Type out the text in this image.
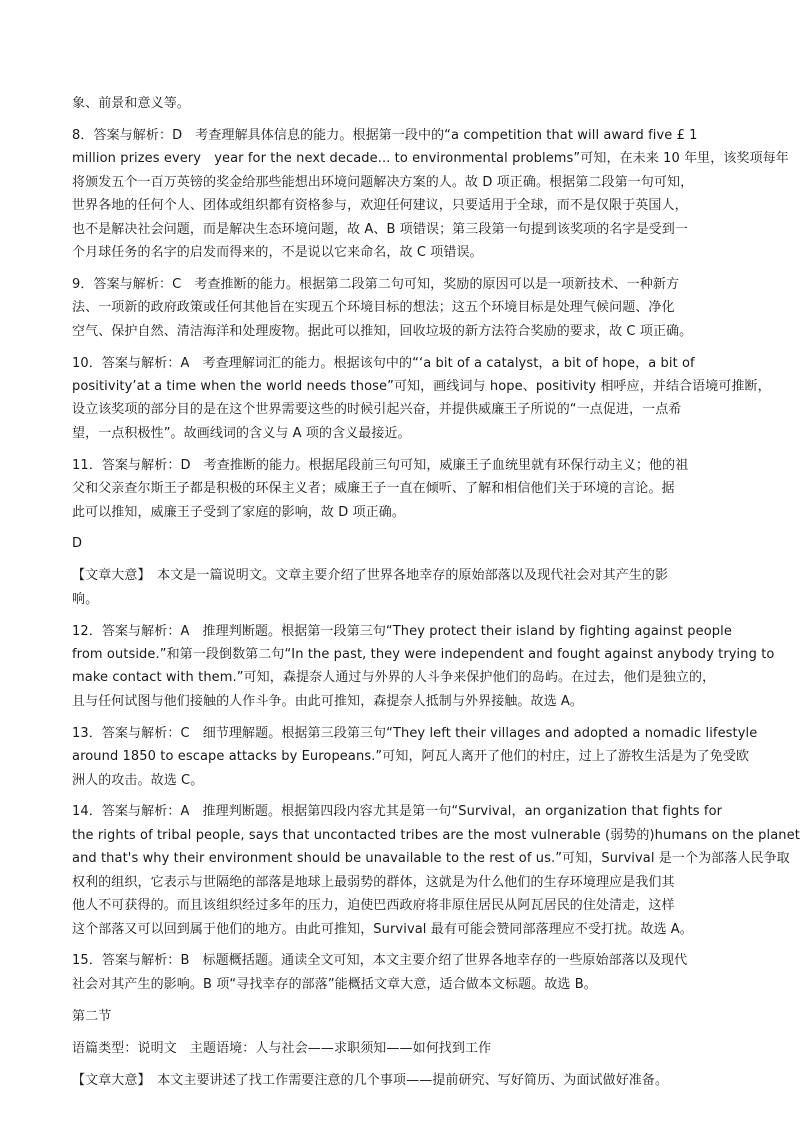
象、前景和意义等。
8．答案与解析：D　考查理解具体信息的能力。根据第一段中的“a competition that will award five £ 1
million prizes every　year for the next decade... to environmental problems”可知，在未来 10 年里，该奖项每年
将颁发五个一百万英镑的奖金给那些能想出环境问题解决方案的人。故 D 项正确。根据第二段第一句可知，
世界各地的任何个人、团体或组织都有资格参与，欢迎任何建议，只要适用于全球，而不是仅限于英国人，
也不是解决社会问题，而是解决生态环境问题，故 A、B 项错误；第三段第一句提到该奖项的名字是受到一
个月球任务的名字的启发而得来的，不是说以它来命名，故 C 项错误。
9．答案与解析：C　考查推断的能力。根据第二段第二句可知，奖励的原因可以是一项新技术、一种新方
法、一项新的政府政策或任何其他旨在实现五个环境目标的想法；这五个环境目标是处理气候问题、净化
空气、保护自然、清洁海洋和处理废物。据此可以推知，回收垃圾的新方法符合奖励的要求，故 C 项正确。
10．答案与解析：A　考查理解词汇的能力。根据该句中的“‘a bit of a catalyst，a bit of hope，a bit of
positivity’at a time when the world needs those”可知，画线词与 hope、positivity 相呼应，并结合语境可推断，
设立该奖项的部分目的是在这个世界需要这些的时候引起兴奋，并提供威廉王子所说的“一点促进，一点希
望，一点积极性”。故画线词的含义与 A 项的含义最接近。
11．答案与解析：D　考查推断的能力。根据尾段前三句可知，威廉王子血统里就有环保行动主义；他的祖
父和父亲查尔斯王子都是积极的环保主义者；威廉王子一直在倾听、了解和相信他们关于环境的言论。据
此可以推知，威廉王子受到了家庭的影响，故 D 项正确。
D
【文章大意】　本文是一篇说明文。文章主要介绍了世界各地幸存的原始部落以及现代社会对其产生的影
响。
12．答案与解析：A　推理判断题。根据第一段第三句“They protect their island by fighting against people
from outside.”和第一段倒数第二句“In the past, they were independent and fought against anybody trying to
make contact with them.”可知，森提奈人通过与外界的人斗争来保护他们的岛屿。在过去，他们是独立的，
且与任何试图与他们接触的人作斗争。由此可推知，森提奈人抵制与外界接触。故选 A。
13．答案与解析：C　细节理解题。根据第三段第三句“They left their villages and adopted a nomadic lifestyle
around 1850 to escape attacks by Europeans.”可知，阿瓦人离开了他们的村庄，过上了游牧生活是为了免受欧
洲人的攻击。故选 C。
14．答案与解析：A　推理判断题。根据第四段内容尤其是第一句“Survival，an organization that fights for
the rights of tribal people, says that uncontacted tribes are the most vulnerable (弱势的)humans on the planet
and that's why their environment should be unavailable to the rest of us.”可知，Survival 是一个为部落人民争取
权利的组织，它表示与世隔绝的部落是地球上最弱势的群体，这就是为什么他们的生存环境理应是我们其
他人不可获得的。而且该组织经过多年的压力，迫使巴西政府将非原住居民从阿瓦居民的住处清走，这样
这个部落又可以回到属于他们的地方。由此可推知，Survival 最有可能会赞同部落理应不受打扰。故选 A。
15．答案与解析：B　标题概括题。通读全文可知，本文主要介绍了世界各地幸存的一些原始部落以及现代
社会对其产生的影响。B 项“寻找幸存的部落”能概括文章大意，适合做本文标题。故选 B。
第二节
语篇类型：说明文　主题语境：人与社会——求职须知——如何找到工作
【文章大意】　本文主要讲述了找工作需要注意的几个事项——提前研究、写好简历、为面试做好准备。
